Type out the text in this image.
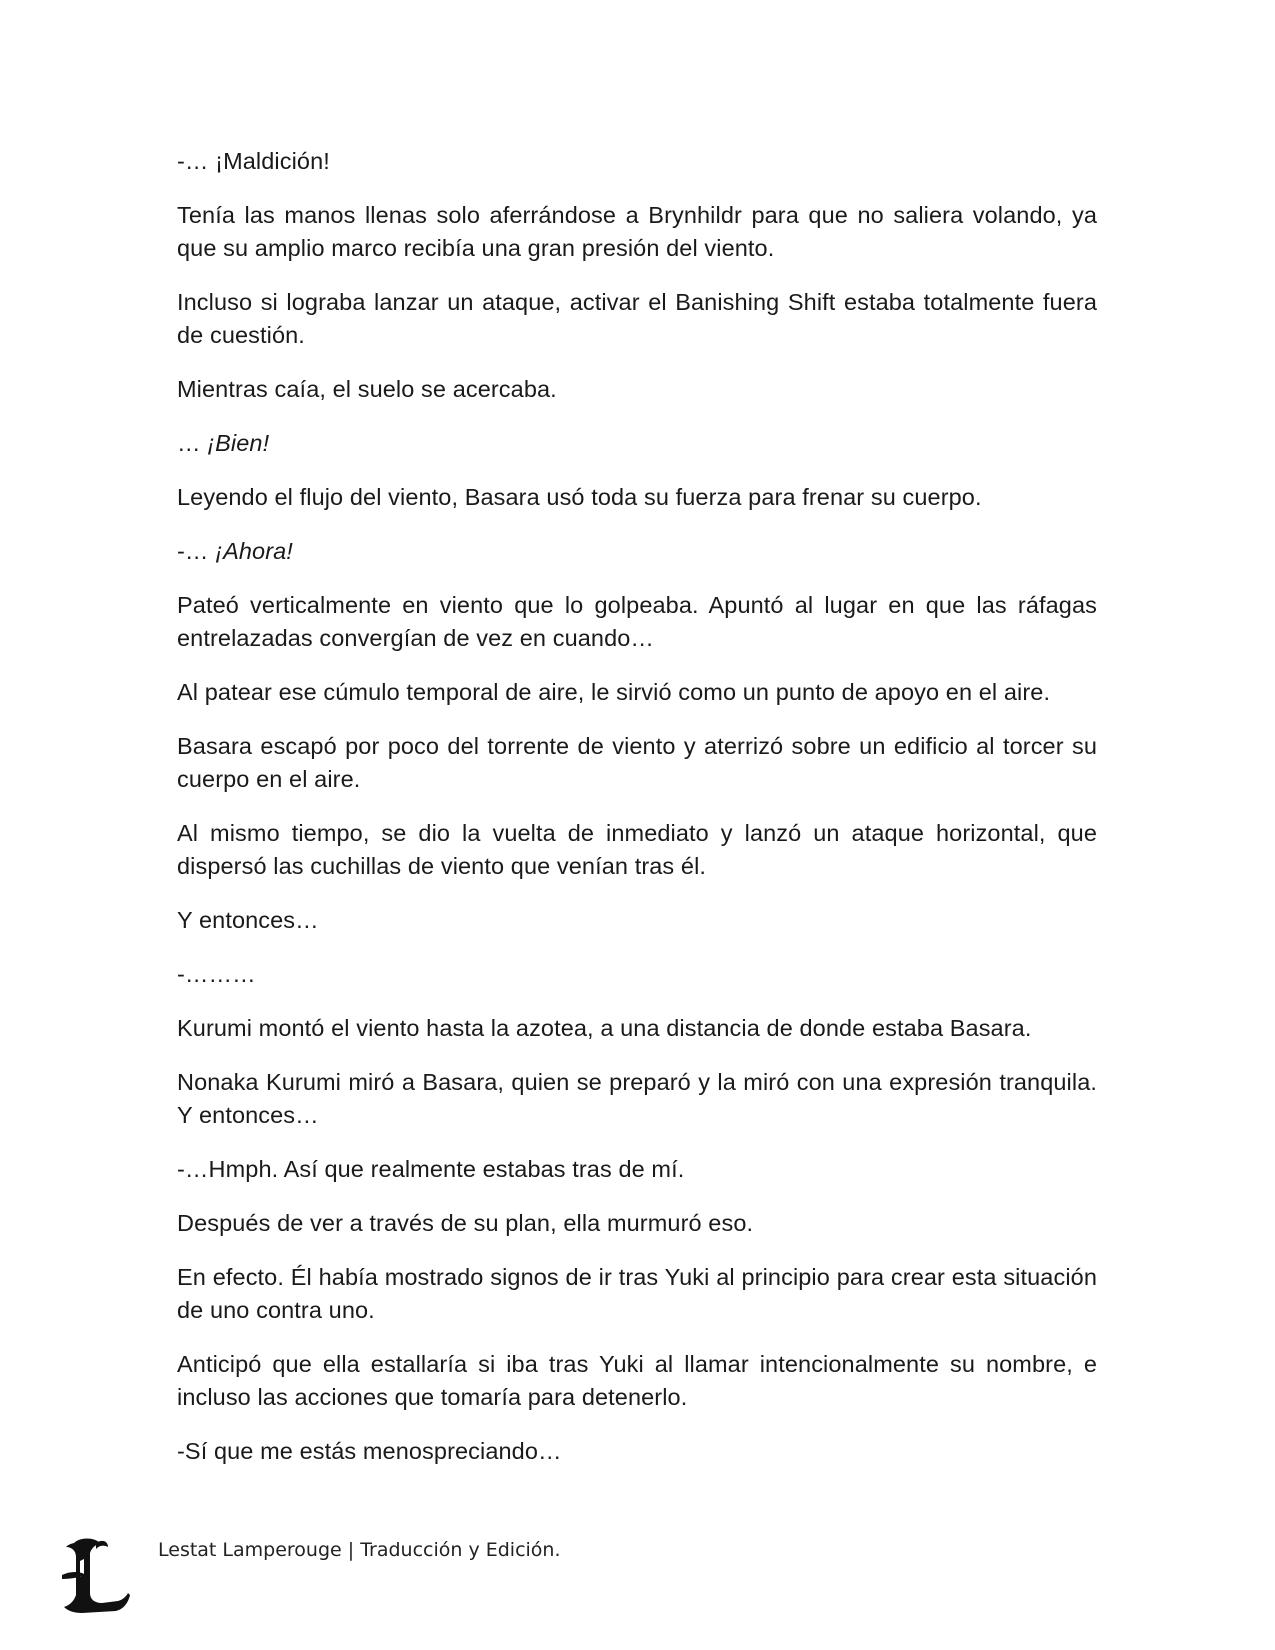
-… ¡Maldición!

Tenía las manos llenas solo aferrándose a Brynhildr para que no saliera volando, ya que su amplio marco recibía una gran presión del viento.

Incluso si lograba lanzar un ataque, activar el Banishing Shift estaba totalmente fuera de cuestión.

Mientras caía, el suelo se acercaba.

… ¡Bien!

Leyendo el flujo del viento, Basara usó toda su fuerza para frenar su cuerpo.

-… ¡Ahora!

Pateó verticalmente en viento que lo golpeaba. Apuntó al lugar en que las ráfagas entrelazadas convergían de vez en cuando…

Al patear ese cúmulo temporal de aire, le sirvió como un punto de apoyo en el aire.

Basara escapó por poco del torrente de viento y aterrizó sobre un edificio al torcer su cuerpo en el aire.

Al mismo tiempo, se dio la vuelta de inmediato y lanzó un ataque horizontal, que dispersó las cuchillas de viento que venían tras él.

Y entonces…

-………

Kurumi montó el viento hasta la azotea, a una distancia de donde estaba Basara.

Nonaka Kurumi miró a Basara, quien se preparó y la miró con una expresión tranquila. Y entonces…

-…Hmph. Así que realmente estabas tras de mí.

Después de ver a través de su plan, ella murmuró eso.

En efecto. Él había mostrado signos de ir tras Yuki al principio para crear esta situación de uno contra uno.

Anticipó que ella estallaría si iba tras Yuki al llamar intencionalmente su nombre, e incluso las acciones que tomaría para detenerlo.

-Sí que me estás menospreciando…

Lestat Lamperouge | Traducción y Edición.
